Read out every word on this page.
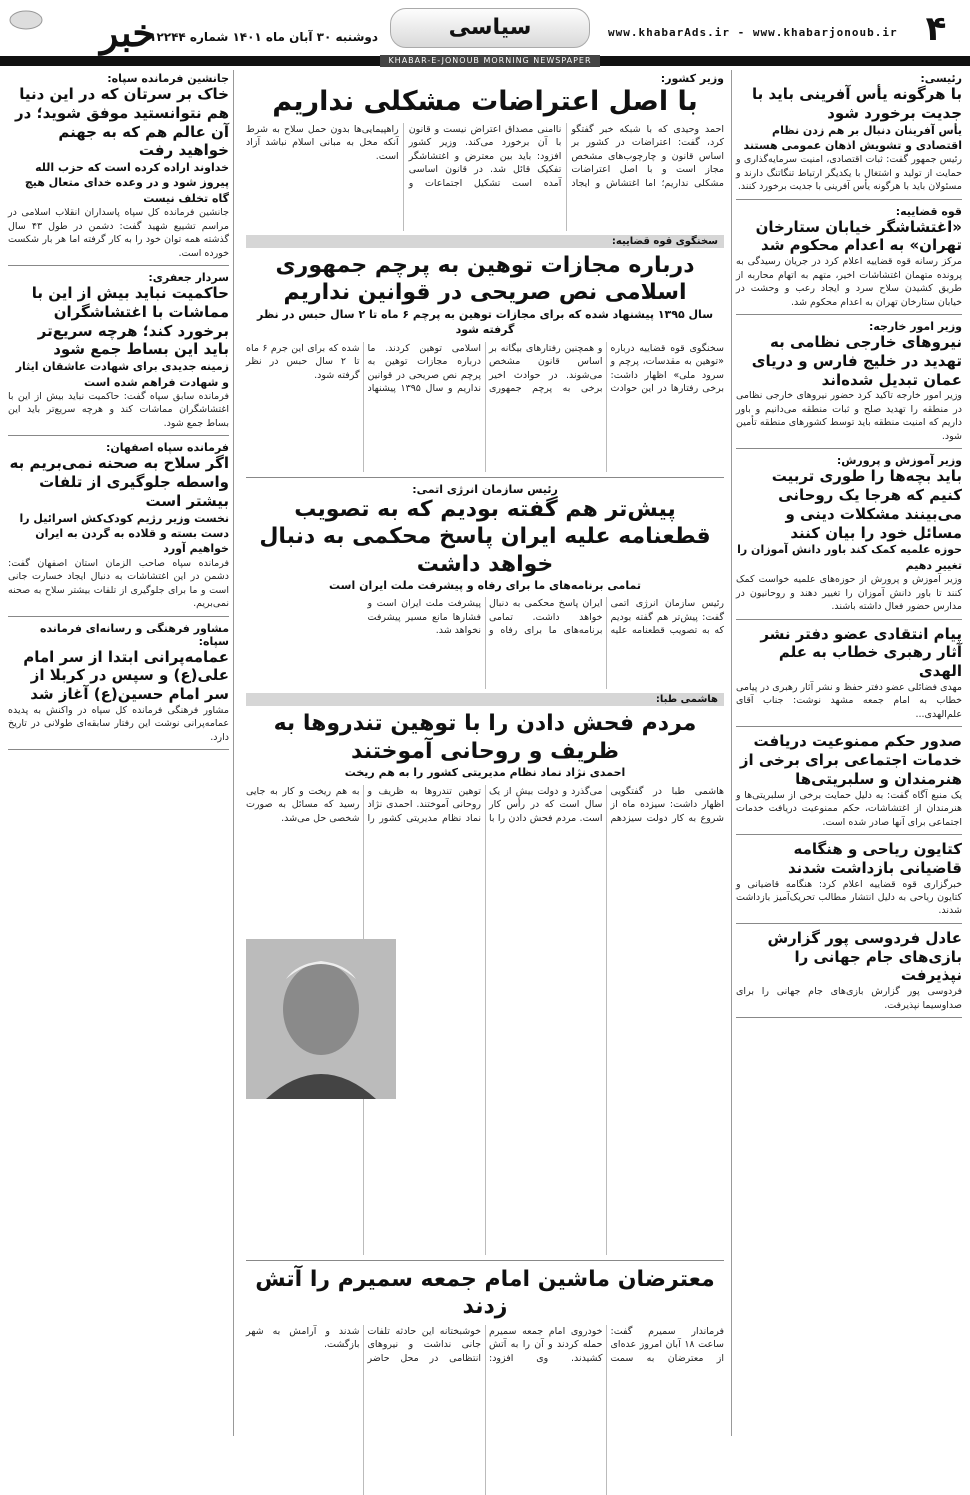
۴
سیاسی	www.khabarAds.ir - www.khabarjonoub.ir
دوشنبه ۳۰ آبان ماه ۱۴۰۱ شماره ۱۲۲۴۴
خبر
KHABAR-E-JONOUB MORNING NEWSPAPER
رئیسی:
با هرگونه یأس آفرینی باید با جدیت برخورد شود
یأس آفرینان دنبال بر هم زدن نظام اقتصادی و تشویش اذهان عمومی هستند
رئیس جمهور گفت: ثبات اقتصادی، امنیت سرمایه‌گذاری و حمایت از تولید و اشتغال با یکدیگر ارتباط تنگاتنگ دارند و مسئولان باید با هرگونه یأس آفرینی با جدیت برخورد کنند.
قوه قضاییه:
«اغتشاشگر خیابان ستارخان تهران» به اعدام محکوم شد
مرکز رسانه قوه قضاییه اعلام کرد در جریان رسیدگی به پرونده متهمان اغتشاشات اخیر، متهم به اتهام محاربه از طریق کشیدن سلاح سرد و ایجاد رعب و وحشت در خیابان ستارخان تهران به اعدام محکوم شد.
وزیر امور خارجه:
نیروهای خارجی نظامی به تهدید در خلیج فارس و دریای عمان تبدیل شده‌اند
وزیر امور خارجه تاکید کرد حضور نیروهای خارجی نظامی در منطقه را تهدید صلح و ثبات منطقه می‌دانیم و باور داریم که امنیت منطقه باید توسط کشورهای منطقه تأمین شود.
وزیر آموزش و پرورش:
باید بچه‌ها را طوری تربیت کنیم که هرجا یک روحانی می‌بینند مشکلات دینی و مسائل خود را بیان کنند
حوزه علمیه کمک کند باور دانش آموزان را تغییر دهیم
وزیر آموزش و پرورش از حوزه‌های علمیه خواست کمک کنند تا باور دانش آموزان را تغییر دهند و روحانیون در مدارس حضور فعال داشته باشند.
پیام انتقادی عضو دفتر نشر آثار رهبری خطاب به علم الهدی
مهدی فضائلی عضو دفتر حفظ و نشر آثار رهبری در پیامی خطاب به امام جمعه مشهد نوشت: جناب آقای علم‌الهدی...
صدور حکم ممنوعیت دریافت خدمات اجتماعی برای برخی از هنرمندان و سلبریتی‌ها
یک منبع آگاه گفت: به دلیل حمایت برخی از سلبریتی‌ها و هنرمندان از اغتشاشات، حکم ممنوعیت دریافت خدمات اجتماعی برای آنها صادر شده است.
کتایون ریاحی و هنگامه قاضیانی بازداشت شدند
خبرگزاری قوه قضاییه اعلام کرد: هنگامه قاضیانی و کتایون ریاحی به دلیل انتشار مطالب تحریک‌آمیز بازداشت شدند.
عادل فردوسی پور گزارش بازی‌های جام جهانی را نپذیرفت
فردوسی پور گزارش بازی‌های جام جهانی را برای صداوسیما نپذیرفت.
جانشین فرمانده سپاه:
خاک بر سرتان که در این دنیا هم نتوانستید موفق شوید؛ در آن عالم هم که به جهنم خواهید رفت
خداوند اراده کرده است که حزب الله پیروز شود و در وعده خدای متعال هیچ گاه تخلف نیست
جانشین فرمانده کل سپاه پاسداران انقلاب اسلامی در مراسم تشییع شهید گفت: دشمن در طول ۴۳ سال گذشته همه توان خود را به کار گرفته اما هر بار شکست خورده است.
سردار جعفری:
حاکمیت نباید بیش از این با مماشات با اغتشاشگران برخورد کند؛ هرچه سریع‌تر باید این بساط جمع شود
زمینه جدیدی برای شهادت عاشقان ایثار و شهادت فراهم شده است
فرمانده سابق سپاه گفت: حاکمیت نباید بیش از این با اغتشاشگران مماشات کند و هرچه سریع‌تر باید این بساط جمع شود.
فرمانده سپاه اصفهان:
اگر سلاح به صحنه نمی‌بریم به واسطه جلوگیری از تلفات بیشتر است
نخست وزیر رژیم کودک‌کش اسرائیل را دست بسته و قلاده به گردن به ایران خواهیم آورد
فرمانده سپاه صاحب الزمان استان اصفهان گفت: دشمن در این اغتشاشات به دنبال ایجاد خسارت جانی است و ما برای جلوگیری از تلفات بیشتر سلاح به صحنه نمی‌بریم.
مشاور فرهنگی و رسانه‌ای فرمانده سپاه:
عمامه‌پرانی ابتدا از سر امام علی(ع) و سپس در کربلا از سر امام حسین(ع) آغاز شد
مشاور فرهنگی فرمانده کل سپاه در واکنش به پدیده عمامه‌پرانی نوشت این رفتار سابقه‌ای طولانی در تاریخ دارد.
وزیر کشور:
با اصل اعتراضات مشکلی نداریم
احمد وحیدی که با شبکه خبر گفتگو کرد، گفت: اعتراضات در کشور بر اساس قانون و چارچوب‌های مشخص مجاز است و با اصل اعتراضات مشکلی نداریم؛ اما اغتشاش و ایجاد ناامنی مصداق اعتراض نیست و قانون با آن برخورد می‌کند. وزیر کشور افزود: باید بین معترض و اغتشاشگر تفکیک قائل شد. در قانون اساسی آمده است تشکیل اجتماعات و راهپیمایی‌ها بدون حمل سلاح به شرط آنکه مخل به مبانی اسلام نباشد آزاد است.
سخنگوی قوه قضاییه:
درباره مجازات توهین به پرچم جمهوری اسلامی نص صریحی در قوانین نداریم
سال ۱۳۹۵ پیشنهاد شده که برای مجازات توهین به پرچم ۶ ماه تا ۲ سال حبس در نظر گرفته شود
سخنگوی قوه قضاییه درباره «توهین به مقدسات، پرچم و سرود ملی» اظهار داشت: برخی رفتارها در این حوادث و همچنین رفتارهای بیگانه بر اساس قانون مشخص می‌شوند. در حوادث اخیر برخی به پرچم جمهوری اسلامی توهین کردند. ما درباره مجازات توهین به پرچم نص صریحی در قوانین نداریم و سال ۱۳۹۵ پیشنهاد شده که برای این جرم ۶ ماه تا ۲ سال حبس در نظر گرفته شود.
رئیس سازمان انرژی اتمی:
پیش‌تر هم گفته بودیم که به تصویب قطعنامه علیه ایران پاسخ محکمی به دنبال خواهد داشت
تمامی برنامه‌های ما برای رفاه و پیشرفت ملت ایران است
رئیس سازمان انرژی اتمی گفت: پیش‌تر هم گفته بودیم که به تصویب قطعنامه علیه ایران پاسخ محکمی به دنبال خواهد داشت. تمامی برنامه‌های ما برای رفاه و پیشرفت ملت ایران است و فشارها مانع مسیر پیشرفت نخواهد شد.
هاشمی طبا:
مردم فحش دادن را با توهین تندروها به ظریف و روحانی آموختند
احمدی نژاد نماد نظام مدیریتی کشور را به هم ریخت
هاشمی طبا در گفتگویی اظهار داشت: سیزده ماه از شروع به کار دولت سیزدهم می‌گذرد و دولت بیش از یک سال است که در رأس کار است. مردم فحش دادن را با توهین تندروها به ظریف و روحانی آموختند. احمدی نژاد نماد نظام مدیریتی کشور را به هم ریخت و کار به جایی رسید که مسائل به صورت شخصی حل می‌شد.
معترضان ماشین امام جمعه سمیرم را آتش زدند
فرماندار سمیرم گفت: ساعت ۱۸ آبان امروز عده‌ای از معترضان به سمت خودروی امام جمعه سمیرم حمله کردند و آن را به آتش کشیدند. وی افزود: خوشبختانه این حادثه تلفات جانی نداشت و نیروهای انتظامی در محل حاضر شدند و آرامش به شهر بازگشت.
